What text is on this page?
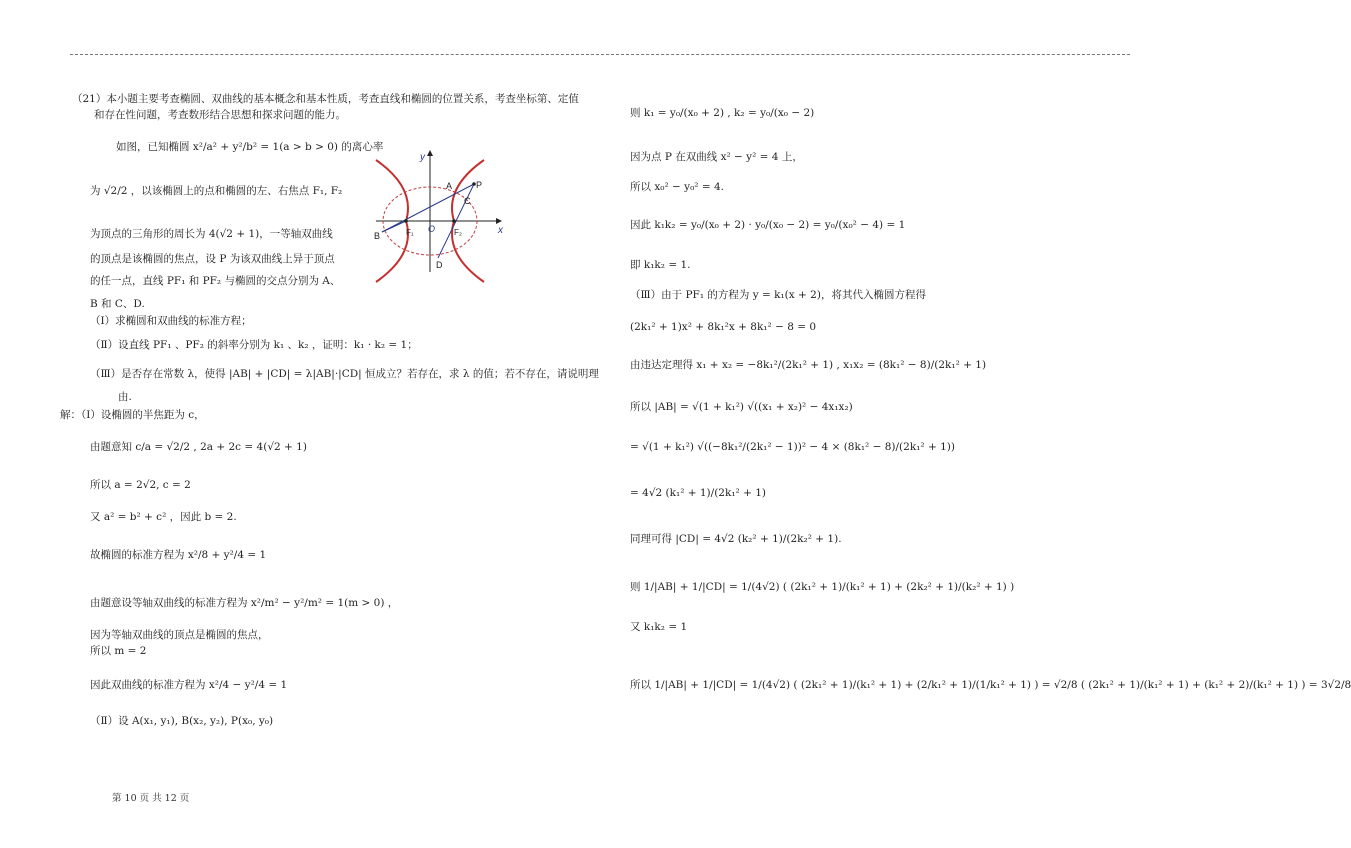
（21）本小题主要考查椭圆、双曲线的基本概念和基本性质，考查直线和椭圆的位置关系，考查坐标第、定值
和存在性问题，考查数形结合思想和探求问题的能力。
如图，已知椭圆 x²/a² + y²/b² = 1(a > b > 0) 的离心率
为 √2/2 ，以该椭圆上的点和椭圆的左、右焦点 F₁, F₂
为顶点的三角形的周长为 4(√2 + 1)，一等轴双曲线
的顶点是该椭圆的焦点，设 P 为该双曲线上异于顶点
的任一点，直线 PF₁ 和 PF₂ 与椭圆的交点分别为 A、
B 和 C、D.
（Ⅰ）求椭圆和双曲线的标准方程；
（Ⅱ）设直线 PF₁ 、PF₂ 的斜率分别为 k₁ 、k₂ ，证明：k₁ · k₂ = 1；
（Ⅲ）是否存在常数 λ，使得 |AB| + |CD| = λ|AB|·|CD| 恒成立？若存在，求 λ 的值；若不存在，请说明理
由.
解：（Ⅰ）设椭圆的半焦距为 c，
由题意知 c/a = √2/2 , 2a + 2c = 4(√2 + 1)
所以 a = 2√2, c = 2
又 a² = b² + c² ，因此 b = 2.
故椭圆的标准方程为 x²/8 + y²/4 = 1
由题意设等轴双曲线的标准方程为 x²/m² − y²/m² = 1(m > 0) ，
因为等轴双曲线的顶点是椭圆的焦点，
所以 m = 2
因此双曲线的标准方程为 x²/4 − y²/4 = 1
（Ⅱ）设 A(x₁, y₁), B(x₂, y₂), P(x₀, y₀)
x
y
O
A	P
C
B	F₁	F₂
D
则 k₁ = y₀/(x₀ + 2) , k₂ = y₀/(x₀ − 2)
因为点 P 在双曲线 x² − y² = 4 上，
所以 x₀² − y₀² = 4.
因此 k₁k₂ = y₀/(x₀ + 2) · y₀/(x₀ − 2) = y₀/(x₀² − 4) = 1
即 k₁k₂ = 1.
（Ⅲ）由于 PF₁ 的方程为 y = k₁(x + 2)，将其代入椭圆方程得
(2k₁² + 1)x² + 8k₁²x + 8k₁² − 8 = 0
由违达定理得 x₁ + x₂ = −8k₁²/(2k₁² + 1) , x₁x₂ = (8k₁² − 8)/(2k₁² + 1)
所以 |AB| = √(1 + k₁²) √((x₁ + x₂)² − 4x₁x₂)
= √(1 + k₁²) √((−8k₁²/(2k₁² − 1))² − 4 × (8k₁² − 8)/(2k₁² + 1))
= 4√2 (k₁² + 1)/(2k₁² + 1)
同理可得 |CD| = 4√2 (k₂² + 1)/(2k₂² + 1).
则 1/|AB| + 1/|CD| = 1/(4√2) ( (2k₁² + 1)/(k₁² + 1) + (2k₂² + 1)/(k₂² + 1) )
又 k₁k₂ = 1
所以 1/|AB| + 1/|CD| = 1/(4√2) ( (2k₁² + 1)/(k₁² + 1) + (2/k₁² + 1)/(1/k₁² + 1) ) = √2/8 ( (2k₁² + 1)/(k₁² + 1) + (k₁² + 2)/(k₁² + 1) ) = 3√2/8
第 10 页 共 12 页
